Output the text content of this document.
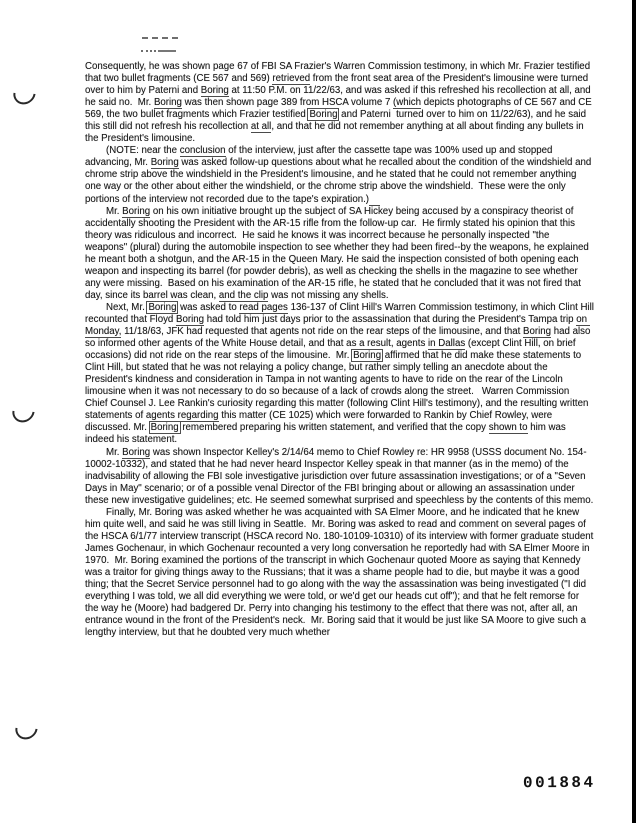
Consequently, he was shown page 67 of FBI SA Frazier's Warren Commission testimony, in which Mr. Frazier testified that two bullet fragments (CE 567 and 569) retrieved from the front seat area of the President's limousine were turned over to him by Paterni and Boring at 11:50 P.M. on 11/22/63, and was asked if this refreshed his recollection at all, and he said no.  Mr. Boring was then shown page 389 from HSCA volume 7 (which depicts photographs of CE 567 and CE 569, the two bullet fragments which Frazier testified Boring and Paterni  turned over to him on 11/22/63), and he said this still did not refresh his recollection at all, and that he did not remember anything at all about finding any bullets in the President's limousine.

(NOTE: near the conclusion of the interview, just after the cassette tape was 100% used up and stopped advancing, Mr. Boring was asked follow-up questions about what he recalled about the condition of the windshield and chrome strip above the windshield in the President's limousine, and he stated that he could not remember anything one way or the other about either the windshield, or the chrome strip above the windshield.  These were the only portions of the interview not recorded due to the tape's expiration.)

Mr. Boring on his own initiative brought up the subject of SA Hickey being accused by a conspiracy theorist of accidentally shooting the President with the AR-15 rifle from the follow-up car.  He firmly stated his opinion that this theory was ridiculous and incorrect.  He said he knows it was incorrect because he personally inspected "the weapons" (plural) during the automobile inspection to see whether they had been fired--by the weapons, he explained he meant both a shotgun, and the AR-15 in the Queen Mary. He said the inspection consisted of both opening each weapon and inspecting its barrel (for powder debris), as well as checking the shells in the magazine to see whether any were missing.  Based on his examination of the AR-15 rifle, he stated that he concluded that it was not fired that day, since its barrel was clean, and the clip was not missing any shells.

Next, Mr. Boring was asked to read pages 136-137 of Clint Hill's Warren Commission testimony, in which Clint Hill recounted that Floyd Boring had told him just days prior to the assassination that during the President's Tampa trip on Monday, 11/18/63, JFK had requested that agents not ride on the rear steps of the limousine, and that Boring had also so informed other agents of the White House detail, and that as a result, agents in Dallas (except Clint Hill, on brief occasions) did not ride on the rear steps of the limousine.  Mr. Boring affirmed that he did make these statements to Clint Hill, but stated that he was not relaying a policy change, but rather simply telling an anecdote about the President's kindness and consideration in Tampa in not wanting agents to have to ride on the rear of the Lincoln limousine when it was not necessary to do so because of a lack of crowds along the street.   Warren Commission Chief Counsel J. Lee Rankin's curiosity regarding this matter (following Clint Hill's testimony), and the resulting written statements of agents regarding this matter (CE 1025) which were forwarded to Rankin by Chief Rowley, were discussed. Mr. Boring remembered preparing his written statement, and verified that the copy shown to him was indeed his statement.

Mr. Boring was shown Inspector Kelley's 2/14/64 memo to Chief Rowley re: HR 9958 (USSS document No. 154-10002-10332), and stated that he had never heard Inspector Kelley speak in that manner (as in the memo) of the inadvisability of allowing the FBI sole investigative jurisdiction over future assassination investigations; or of a "Seven Days in May" scenario; or of a possible venal Director of the FBI bringing about or allowing an assassination under these new investigative guidelines; etc. He seemed somewhat surprised and speechless by the contents of this memo.

Finally, Mr. Boring was asked whether he was acquainted with SA Elmer Moore, and he indicated that he knew him quite well, and said he was still living in Seattle.  Mr. Boring was asked to read and comment on several pages of the HSCA 6/1/77 interview transcript (HSCA record No. 180-10109-10310) of its interview with former graduate student James Gochenaur, in which Gochenaur recounted a very long conversation he reportedly had with SA Elmer Moore in 1970.  Mr. Boring examined the portions of the transcript in which Gochenaur quoted Moore as saying that Kennedy was a traitor for giving things away to the Russians; that it was a shame people had to die, but maybe it was a good thing; that the Secret Service personnel had to go along with the way the assassination was being investigated ("I did everything I was told, we all did everything we were told, or we'd get our heads cut off"); and that he felt remorse for the way he (Moore) had badgered Dr. Perry into changing his testimony to the effect that there was not, after all, an entrance wound in the front of the President's neck.  Mr. Boring said that it would be just like SA Moore to give such a lengthy interview, but that he doubted very much whether

001884
